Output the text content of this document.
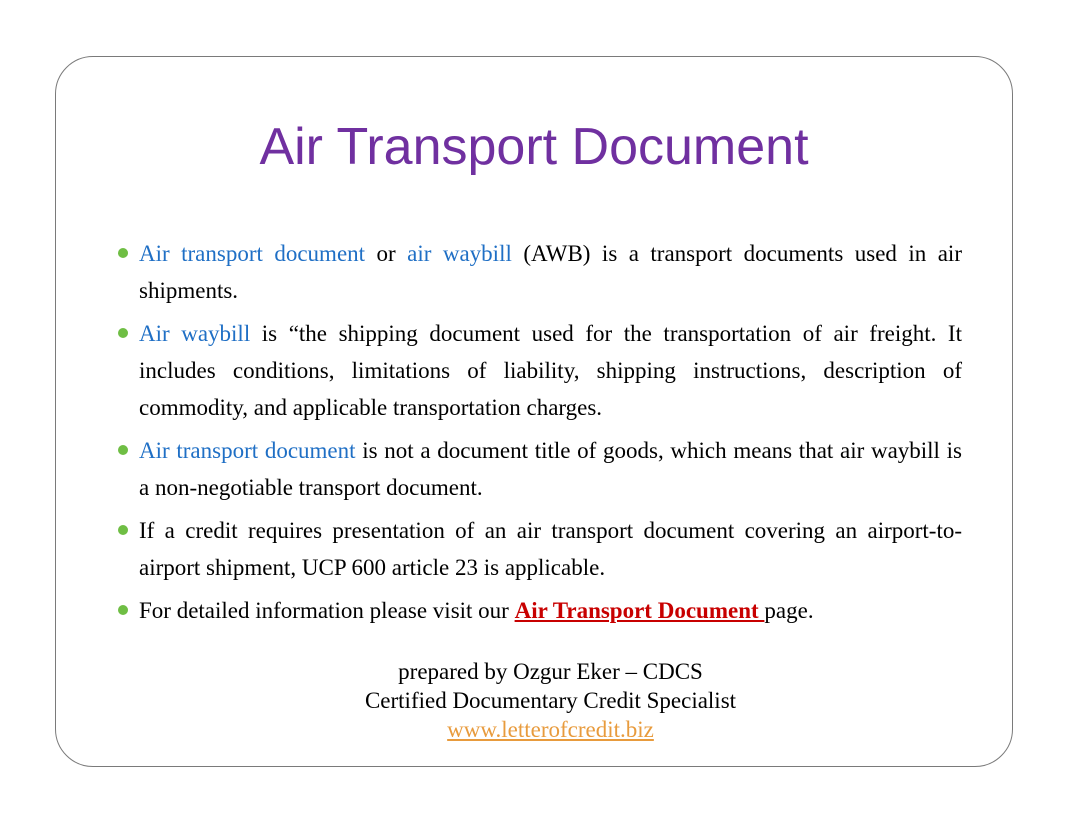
Air Transport Document
Air transport document or air waybill (AWB) is a transport documents used in air shipments.
Air waybill is “the shipping document used for the transportation of air freight. It includes conditions, limitations of liability, shipping instructions, description of commodity, and applicable transportation charges.
Air transport document is not a document title of goods, which means that air waybill is a non-negotiable transport document.
If a credit requires presentation of an air transport document covering an airport-to-airport shipment, UCP 600 article 23 is applicable.
For detailed information please visit our Air Transport Document page.
prepared by Ozgur Eker – CDCS
Certified Documentary Credit Specialist
www.letterofcredit.biz
